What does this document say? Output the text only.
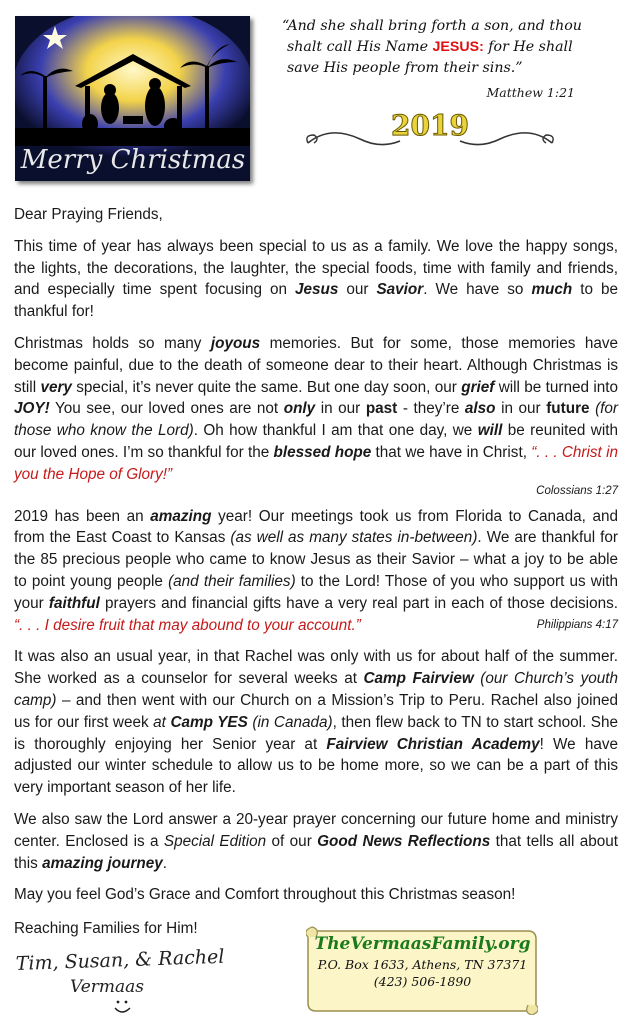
Merry Christmas
“And she shall bring forth a son, and thou
shalt call His Name JESUS: for He shall
save His people from their sins.”
Matthew 1:21
2019

Dear Praying Friends,

This time of year has always been special to us as a family. We love the happy songs, the lights, the decorations, the laughter, the special foods, time with family and friends, and especially time spent focusing on Jesus our Savior. We have so much to be thankful for!

Christmas holds so many joyous memories. But for some, those memories have become painful, due to the death of someone dear to their heart. Although Christmas is still very special, it’s never quite the same. But one day soon, our grief will be turned into JOY! You see, our loved ones are not only in our past - they’re also in our future (for those who know the Lord). Oh how thankful I am that one day, we will be reunited with our loved ones. I’m so thankful for the blessed hope that we have in Christ, “. . . Christ in you the Hope of Glory!”

Colossians 1:27

2019 has been an amazing year! Our meetings took us from Florida to Canada, and from the East Coast to Kansas (as well as many states in-between). We are thankful for the 85 precious people who came to know Jesus as their Savior – what a joy to be able to point young people (and their families) to the Lord! Those of you who support us with your faithful prayers and financial gifts have a very real part in each of those decisions. “. . . I desire fruit that may abound to your account.”	Philippians 4:17

It was also an usual year, in that Rachel was only with us for about half of the summer. She worked as a counselor for several weeks at Camp Fairview (our Church’s youth camp) – and then went with our Church on a Mission’s Trip to Peru. Rachel also joined us for our first week at Camp YES (in Canada), then flew back to TN to start school. She is thoroughly enjoying her Senior year at Fairview Christian Academy! We have adjusted our winter schedule to allow us to be home more, so we can be a part of this very important season of her life.

We also saw the Lord answer a 20-year prayer concerning our future home and ministry center. Enclosed is a Special Edition of our Good News Reflections that tells all about this amazing journey.

May you feel God’s Grace and Comfort throughout this Christmas season!

Reaching Families for Him!
Tim, Susan, & Rachel
Vermaas
TheVermaasFamily.org
P.O. Box 1633, Athens, TN 37371
(423) 506-1890
